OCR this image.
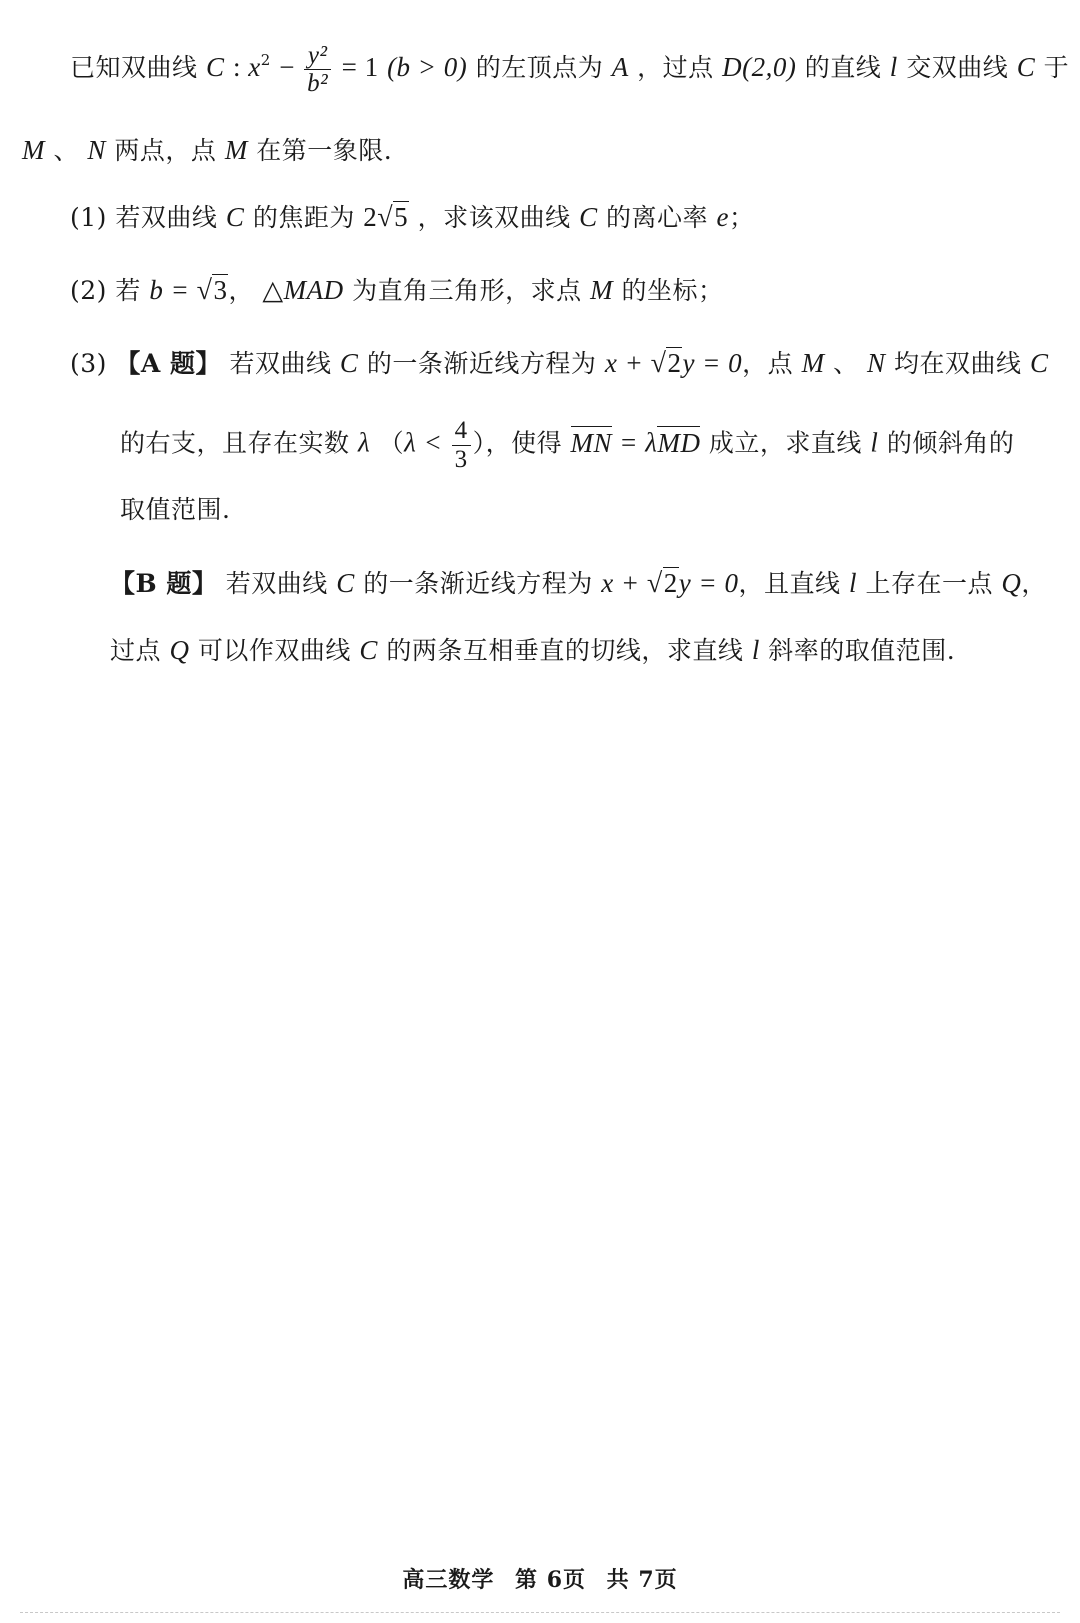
已知双曲线 C : $x^2 - \frac{\text{y²}}{\text{b²}} = 1$ (b > 0) 的左顶点为 A ，过点 D(2,0) 的直线 l 交双曲线 C 于
M 、 N 两点，点 M 在第一象限.
(1) 若双曲线 C 的焦距为 2√5 ，求该双曲线 C 的离心率 e；
(2) 若 b = √3， △MAD 为直角三角形，求点 M 的坐标；
(3) 【A 题】 若双曲线 C 的一条渐近线方程为 x + √2y = 0，点 M 、 N 均在双曲线 C
的右支，且存在实数 λ （$\lambda < \frac{4}{3}$ ），使得 MN = λMD 成立，求直线 l 的倾斜角的
取值范围.
【B 题】 若双曲线 C 的一条渐近线方程为 x + √2y = 0，且直线 l 上存在一点 Q，
过点 Q 可以作双曲线 C 的两条互相垂直的切线，求直线 l 斜率的取值范围.
高三数学 第 6页 共 7页
